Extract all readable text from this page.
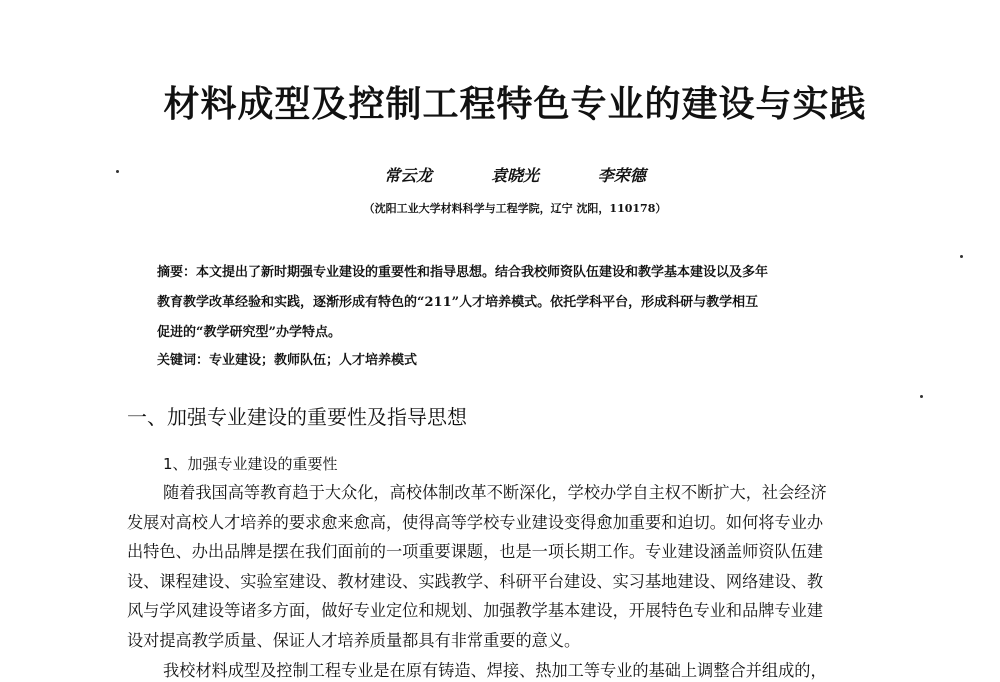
材料成型及控制工程特色专业的建设与实践
常云龙   袁晓光   李荣德
（沈阳工业大学材料科学与工程学院，辽宁 沈阳，110178）
摘要：本文提出了新时期强专业建设的重要性和指导思想。结合我校师资队伍建设和教学基本建设以及多年
教育教学改革经验和实践，逐渐形成有特色的“211”人才培养模式。依托学科平台，形成科研与教学相互
促进的“教学研究型”办学特点。
关键词：专业建设；教师队伍；人才培养模式
一、加强专业建设的重要性及指导思想
1、加强专业建设的重要性
随着我国高等教育趋于大众化，高校体制改革不断深化，学校办学自主权不断扩大，社会经济
发展对高校人才培养的要求愈来愈高，使得高等学校专业建设变得愈加重要和迫切。如何将专业办
出特色、办出品牌是摆在我们面前的一项重要课题，也是一项长期工作。专业建设涵盖师资队伍建
设、课程建设、实验室建设、教材建设、实践教学、科研平台建设、实习基地建设、网络建设、教
风与学风建设等诸多方面，做好专业定位和规划、加强教学基本建设，开展特色专业和品牌专业建
设对提高教学质量、保证人才培养质量都具有非常重要的意义。
我校材料成型及控制工程专业是在原有铸造、焊接、热加工等专业的基础上调整合并组成的，
